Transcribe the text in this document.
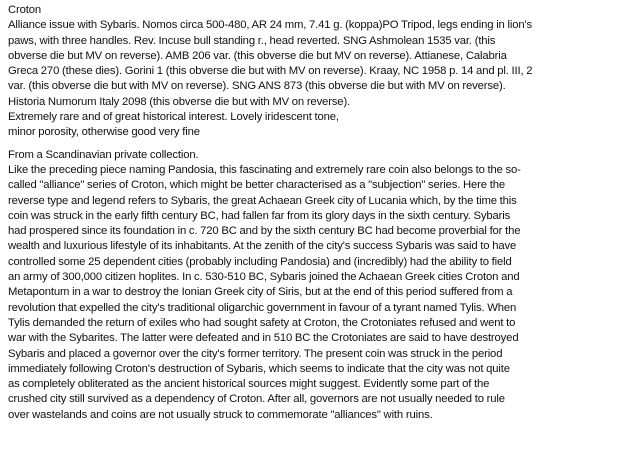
Croton
Alliance issue with Sybaris. Nomos circa 500-480, AR 24 mm, 7.41 g. (koppa)PO Tripod, legs ending in lion's
paws, with three handles. Rev. Incuse bull standing r., head reverted. SNG Ashmolean 1535 var. (this
obverse die but MV on reverse). AMB 206 var. (this obverse die but MV on reverse). Attianese, Calabria
Greca 270 (these dies). Gorini 1 (this obverse die but with MV on reverse). Kraay, NC 1958 p. 14 and pl. III, 2
var. (this obverse die but with MV on reverse). SNG ANS 873 (this obverse die but with MV on reverse).
Historia Numorum Italy 2098 (this obverse die but with MV on reverse).
Extremely rare and of great historical interest. Lovely iridescent tone,
minor porosity, otherwise good very fine
From a Scandinavian private collection.
Like the preceding piece naming Pandosia, this fascinating and extremely rare coin also belongs to the so-
called "alliance" series of Croton, which might be better characterised as a "subjection" series. Here the
reverse type and legend refers to Sybaris, the great Achaean Greek city of Lucania which, by the time this
coin was struck in the early fifth century BC, had fallen far from its glory days in the sixth century. Sybaris
had prospered since its foundation in c. 720 BC and by the sixth century BC had become proverbial for the
wealth and luxurious lifestyle of its inhabitants. At the zenith of the city's success Sybaris was said to have
controlled some 25 dependent cities (probably including Pandosia) and (incredibly) had the ability to field
an army of 300,000 citizen hoplites. In c. 530-510 BC, Sybaris joined the Achaean Greek cities Croton and
Metapontum in a war to destroy the Ionian Greek city of Siris, but at the end of this period suffered from a
revolution that expelled the city's traditional oligarchic government in favour of a tyrant named Tylis. When
Tylis demanded the return of exiles who had sought safety at Croton, the Crotoniates refused and went to
war with the Sybarites. The latter were defeated and in 510 BC the Crotoniates are said to have destroyed
Sybaris and placed a governor over the city's former territory. The present coin was struck in the period
immediately following Croton's destruction of Sybaris, which seems to indicate that the city was not quite
as completely obliterated as the ancient historical sources might suggest. Evidently some part of the
crushed city still survived as a dependency of Croton. After all, governors are not usually needed to rule
over wastelands and coins are not usually struck to commemorate "alliances" with ruins.
